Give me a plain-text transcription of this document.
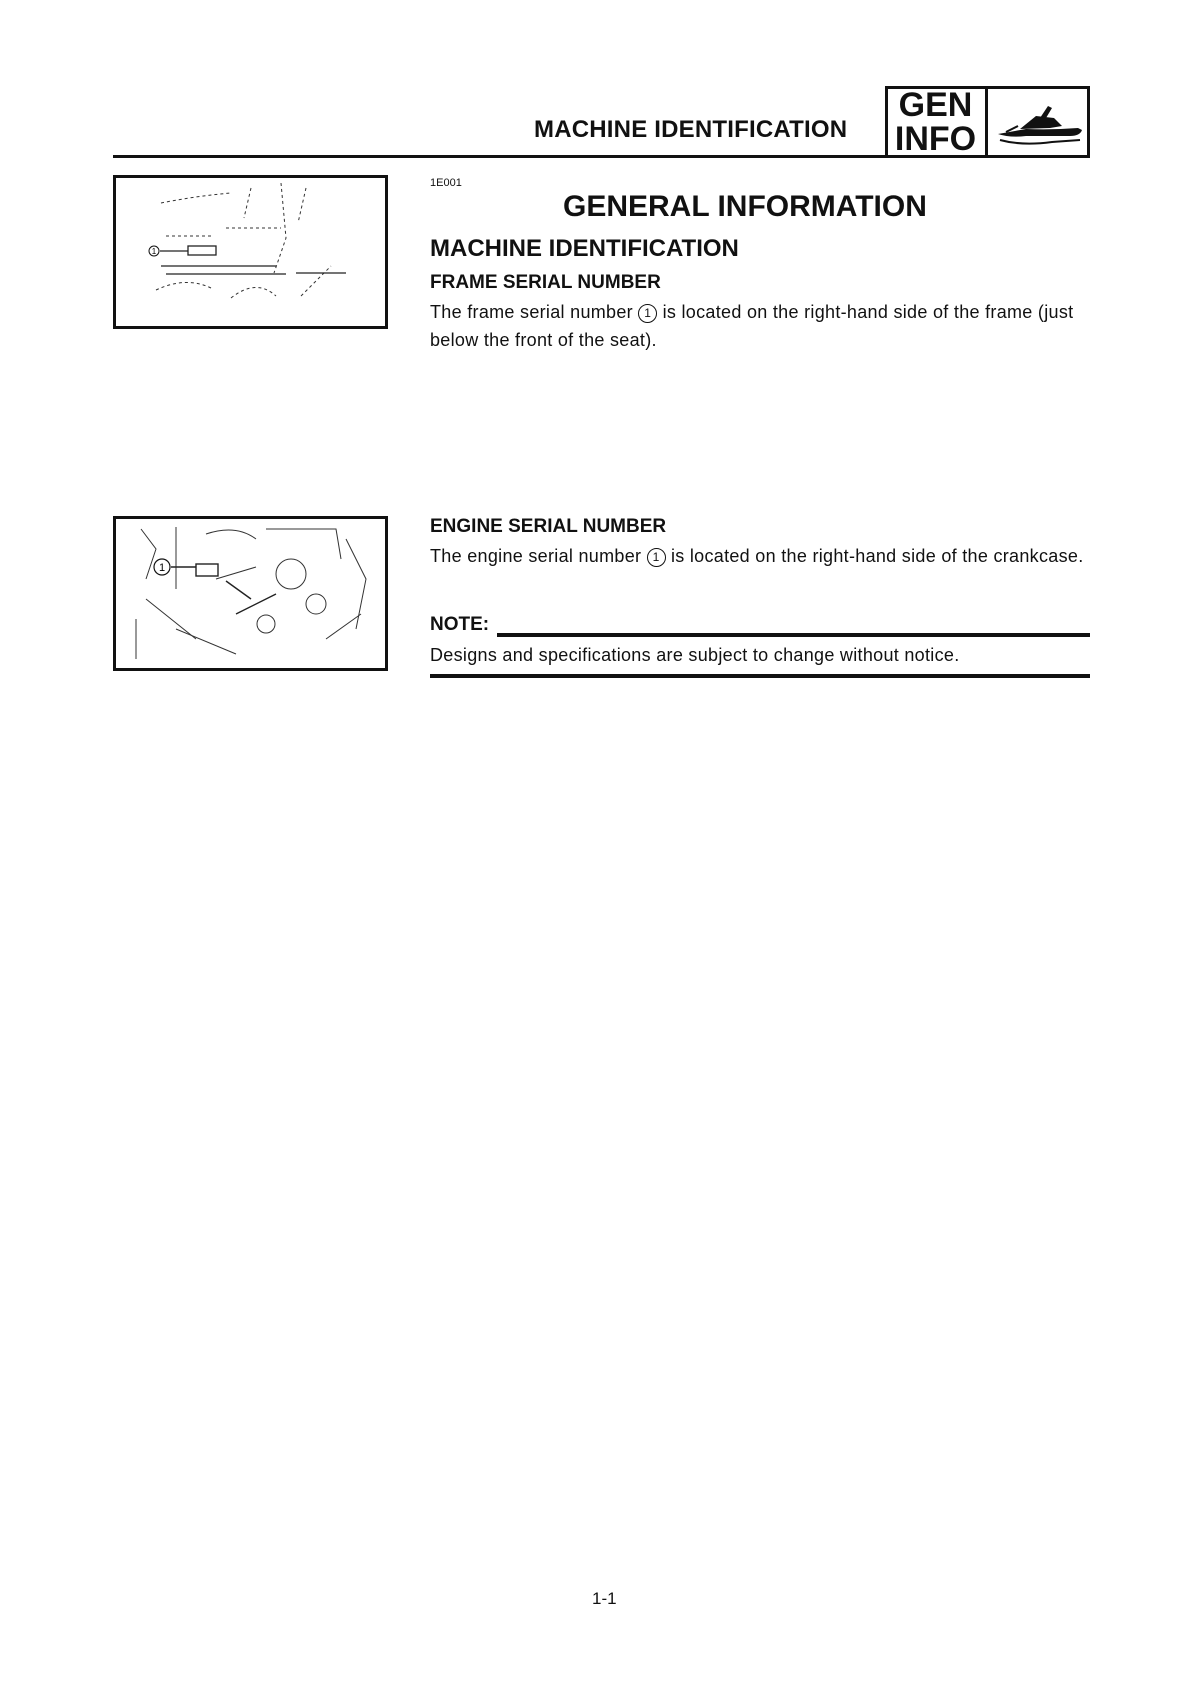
MACHINE IDENTIFICATION
GEN
INFO
1
1
1E001
GENERAL INFORMATION
MACHINE IDENTIFICATION
FRAME SERIAL NUMBER
The frame serial number 1 is located on the right-hand side of the frame (just below the front of the seat).
ENGINE SERIAL NUMBER
The engine serial number 1 is located on the right-hand side of the crankcase.
NOTE:
Designs and specifications are subject to change without notice.
1-1
